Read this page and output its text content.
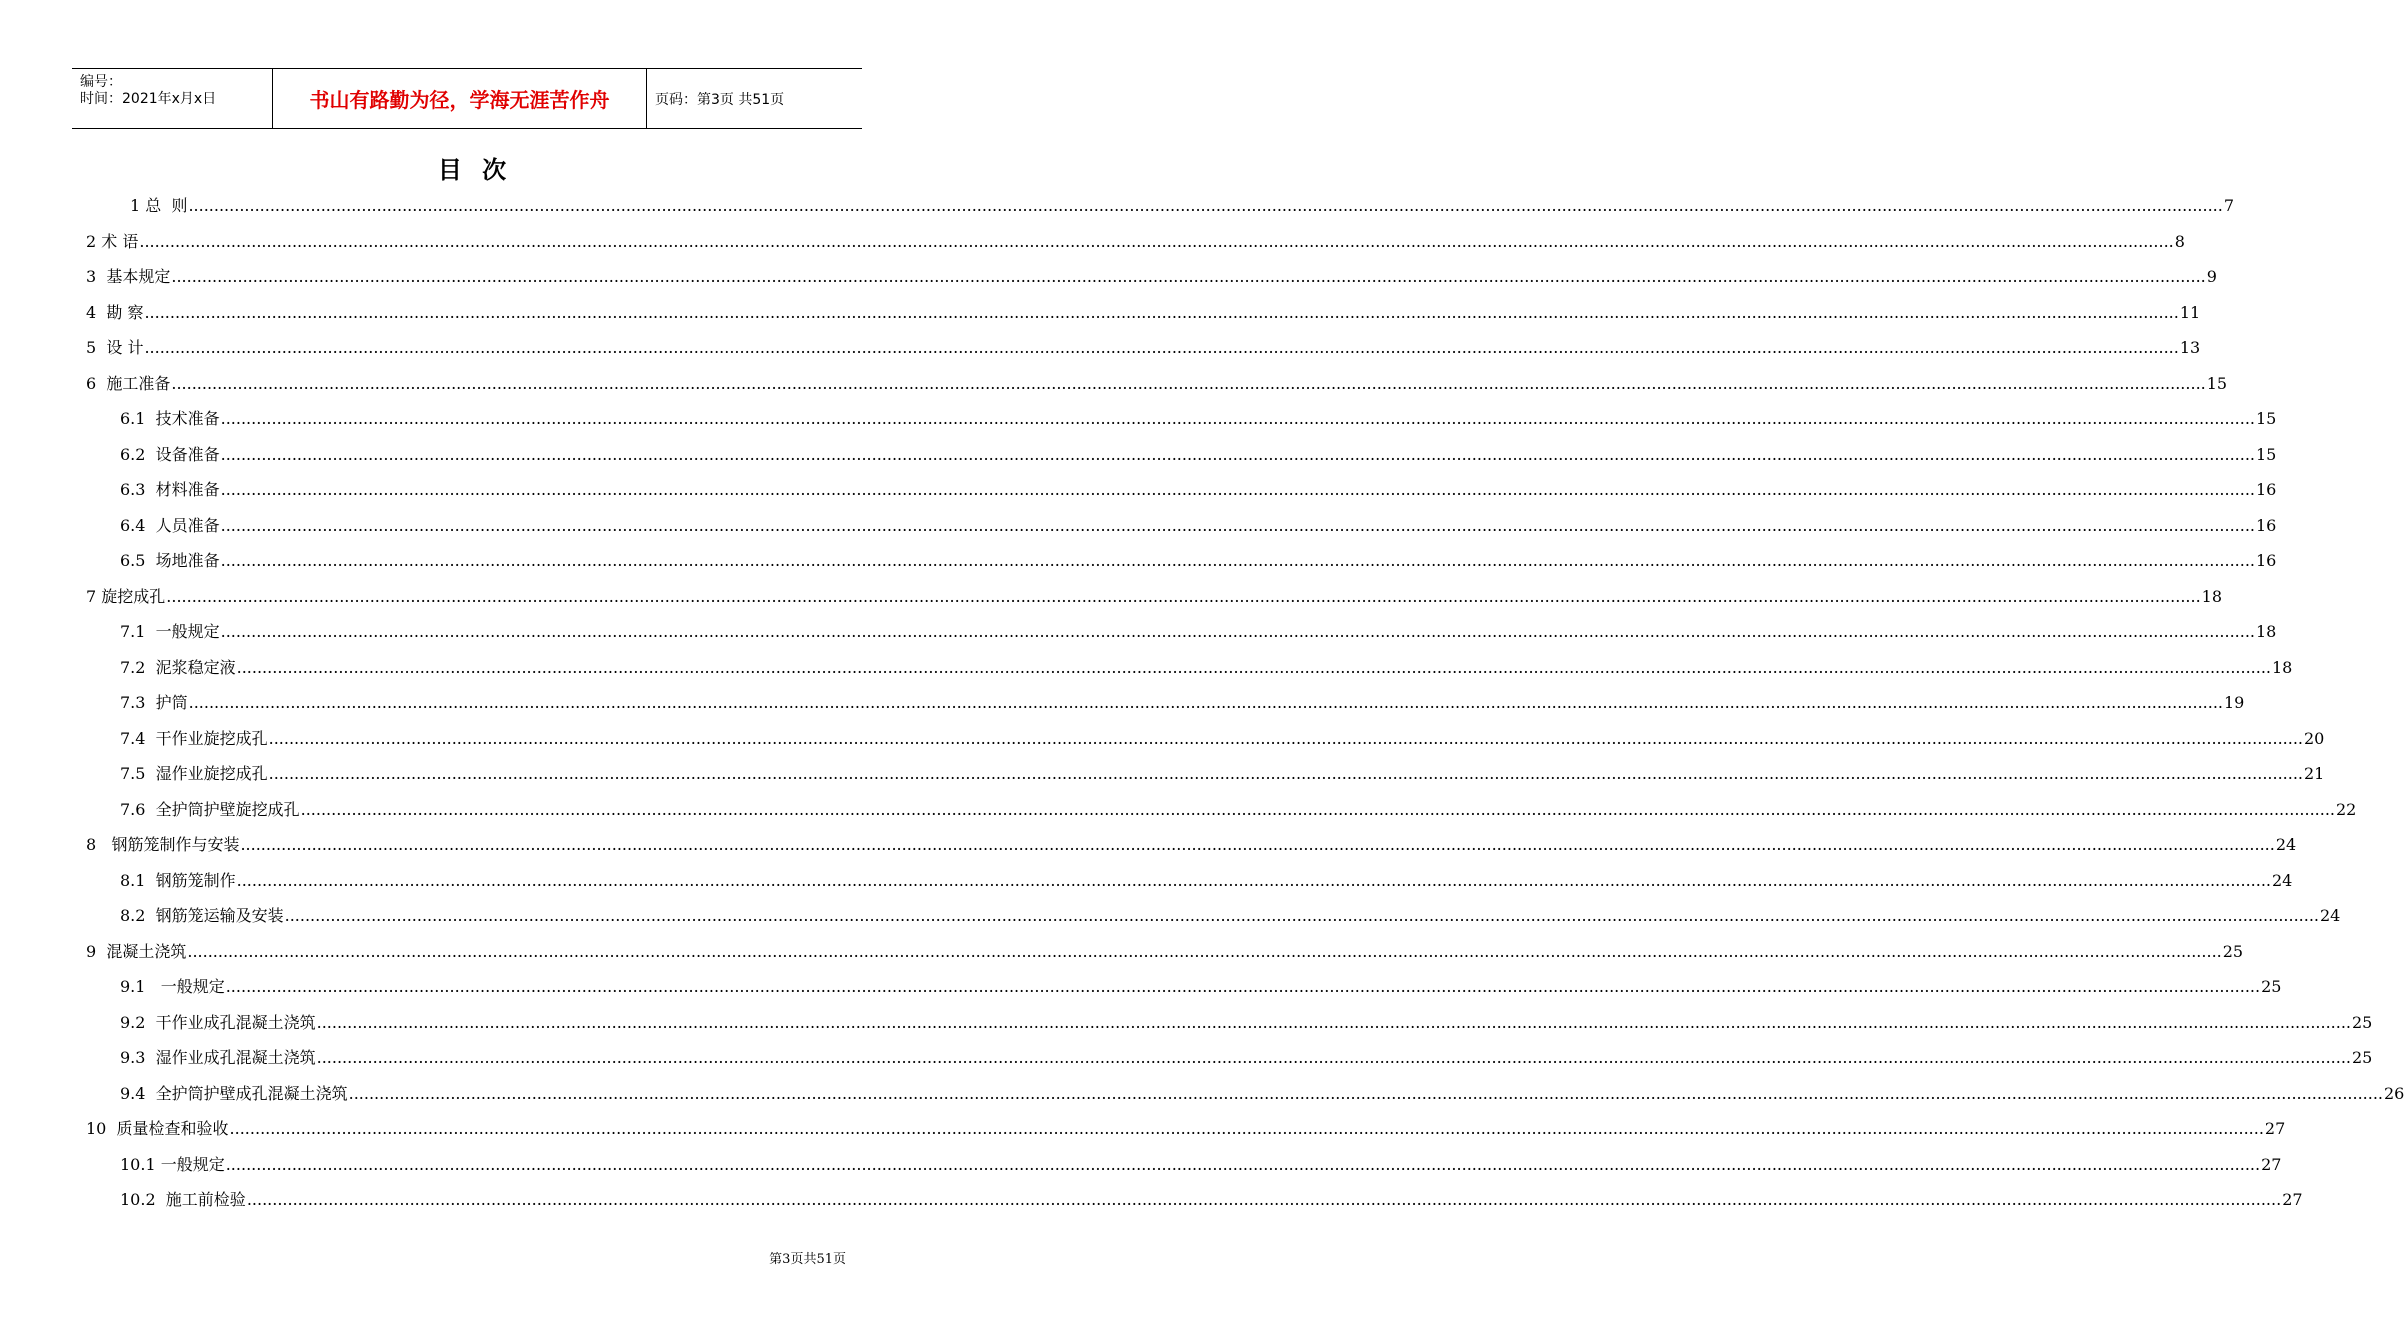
编号：
时间：2021年x月x日	书山有路勤为径，学海无涯苦作舟	页码：第3页 共51页
目 次
1 总  则 ................................................................................................................................................................................................................................................................................................................................................................................................................ 7
2 术 语 ................................................................................................................................................................................................................................................................................................................................................................................................................ 8
3  基本规定 ................................................................................................................................................................................................................................................................................................................................................................................................................ 9
4  勘 察 ................................................................................................................................................................................................................................................................................................................................................................................................................ 11
5  设 计 ................................................................................................................................................................................................................................................................................................................................................................................................................ 13
6  施工准备 ................................................................................................................................................................................................................................................................................................................................................................................................................ 15
6.1  技术准备 ................................................................................................................................................................................................................................................................................................................................................................................................................ 15
6.2  设备准备 ................................................................................................................................................................................................................................................................................................................................................................................................................ 15
6.3  材料准备 ................................................................................................................................................................................................................................................................................................................................................................................................................ 16
6.4  人员准备 ................................................................................................................................................................................................................................................................................................................................................................................................................ 16
6.5  场地准备 ................................................................................................................................................................................................................................................................................................................................................................................................................ 16
7 旋挖成孔 ................................................................................................................................................................................................................................................................................................................................................................................................................ 18
7.1  一般规定 ................................................................................................................................................................................................................................................................................................................................................................................................................ 18
7.2  泥浆稳定液 ................................................................................................................................................................................................................................................................................................................................................................................................................ 18
7.3  护筒 ................................................................................................................................................................................................................................................................................................................................................................................................................ 19
7.4  干作业旋挖成孔 ................................................................................................................................................................................................................................................................................................................................................................................................................ 20
7.5  湿作业旋挖成孔 ................................................................................................................................................................................................................................................................................................................................................................................................................ 21
7.6  全护筒护壁旋挖成孔 ................................................................................................................................................................................................................................................................................................................................................................................................................ 22
8   钢筋笼制作与安装 ................................................................................................................................................................................................................................................................................................................................................................................................................ 24
8.1  钢筋笼制作 ................................................................................................................................................................................................................................................................................................................................................................................................................ 24
8.2  钢筋笼运输及安装 ................................................................................................................................................................................................................................................................................................................................................................................................................ 24
9  混凝土浇筑 ................................................................................................................................................................................................................................................................................................................................................................................................................ 25
9.1   一般规定 ................................................................................................................................................................................................................................................................................................................................................................................................................ 25
9.2  干作业成孔混凝土浇筑 ................................................................................................................................................................................................................................................................................................................................................................................................................ 25
9.3  湿作业成孔混凝土浇筑 ................................................................................................................................................................................................................................................................................................................................................................................................................ 25
9.4  全护筒护壁成孔混凝土浇筑 ................................................................................................................................................................................................................................................................................................................................................................................................................ 26
10  质量检查和验收 ................................................................................................................................................................................................................................................................................................................................................................................................................ 27
10.1 一般规定 ................................................................................................................................................................................................................................................................................................................................................................................................................ 27
10.2  施工前检验 ................................................................................................................................................................................................................................................................................................................................................................................................................ 27
第3页共51页
